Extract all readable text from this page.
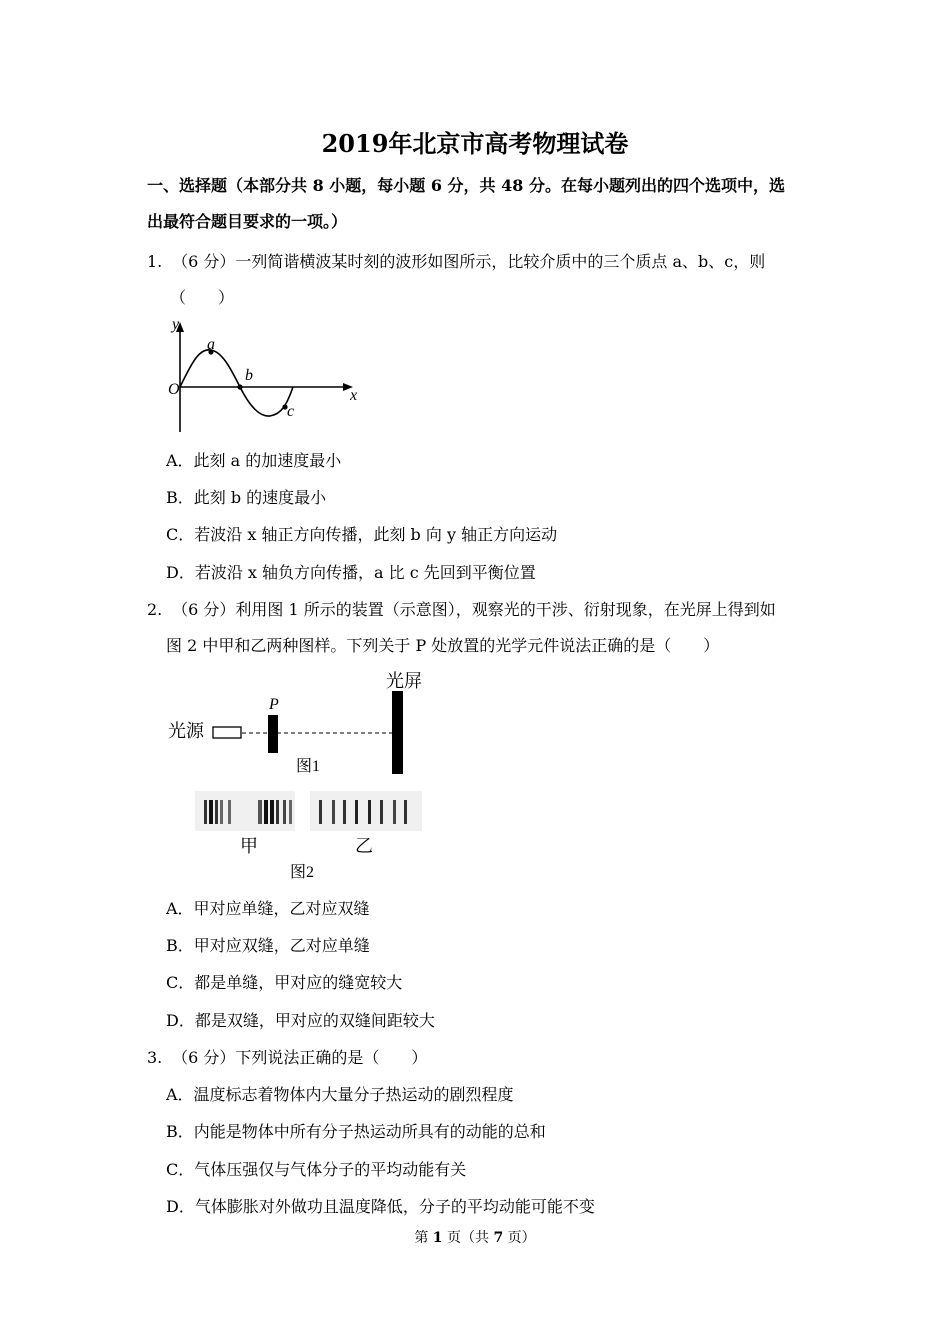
2019年北京市高考物理试卷
一、选择题（本部分共 8 小题，每小题 6 分，共 48 分。在每小题列出的四个选项中，选
出最符合题目要求的一项。）
1. （6 分）一列简谐横波某时刻的波形如图所示，比较介质中的三个质点 a、b、c，则
（　　）
y
x
O
a
b
c
A．此刻 a 的加速度最小
B．此刻 b 的速度最小
C．若波沿 x 轴正方向传播，此刻 b 向 y 轴正方向运动
D．若波沿 x 轴负方向传播，a 比 c 先回到平衡位置
2. （6 分）利用图 1 所示的装置（示意图），观察光的干涉、衍射现象，在光屏上得到如
图 2 中甲和乙两种图样。下列关于 P 处放置的光学元件说法正确的是（　　）
光屏
P
光源
图1
甲	乙
图2
A．甲对应单缝，乙对应双缝
B．甲对应双缝，乙对应单缝
C．都是单缝，甲对应的缝宽较大
D．都是双缝，甲对应的双缝间距较大
3. （6 分）下列说法正确的是（　　）
A．温度标志着物体内大量分子热运动的剧烈程度
B．内能是物体中所有分子热运动所具有的动能的总和
C．气体压强仅与气体分子的平均动能有关
D．气体膨胀对外做功且温度降低，分子的平均动能可能不变
第 1 页（共 7 页）
